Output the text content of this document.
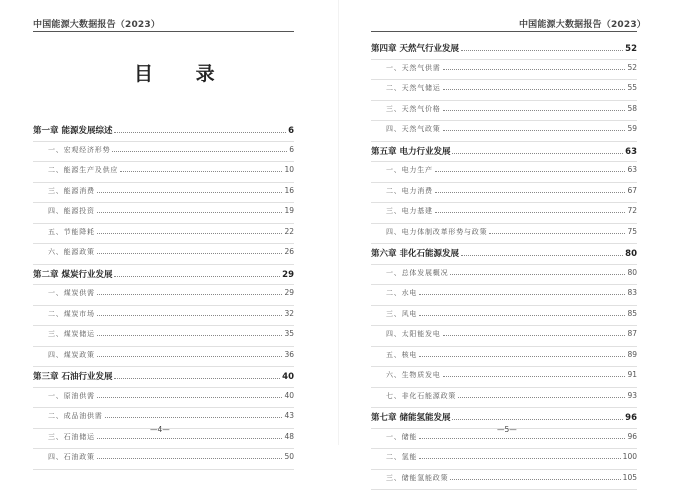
中国能源大数据报告（2023）
目 录
第一章 能源发展综述	6
一、宏观经济形势	6
二、能源生产及供应	10
三、能源消费	16
四、能源投资	19
五、节能降耗	22
六、能源政策	26
第二章 煤炭行业发展	29
一、煤炭供需	29
二、煤炭市场	32
三、煤炭储运	35
四、煤炭政策	36
第三章 石油行业发展	40
一、原油供需	40
二、成品油供需	43
三、石油储运	48
四、石油政策	50
—4—
中国能源大数据报告（2023）
第四章 天然气行业发展	52
一、天然气供需	52
二、天然气储运	55
三、天然气价格	58
四、天然气政策	59
第五章 电力行业发展	63
一、电力生产	63
二、电力消费	67
三、电力基建	72
四、电力体制改革形势与政策	75
第六章 非化石能源发展	80
一、总体发展概况	80
二、水电	83
三、风电	85
四、太阳能发电	87
五、核电	89
六、生物质发电	91
七、非化石能源政策	93
第七章 储能氢能发展	96
一、储能	96
二、氢能	100
三、储能氢能政策	105
—5—
